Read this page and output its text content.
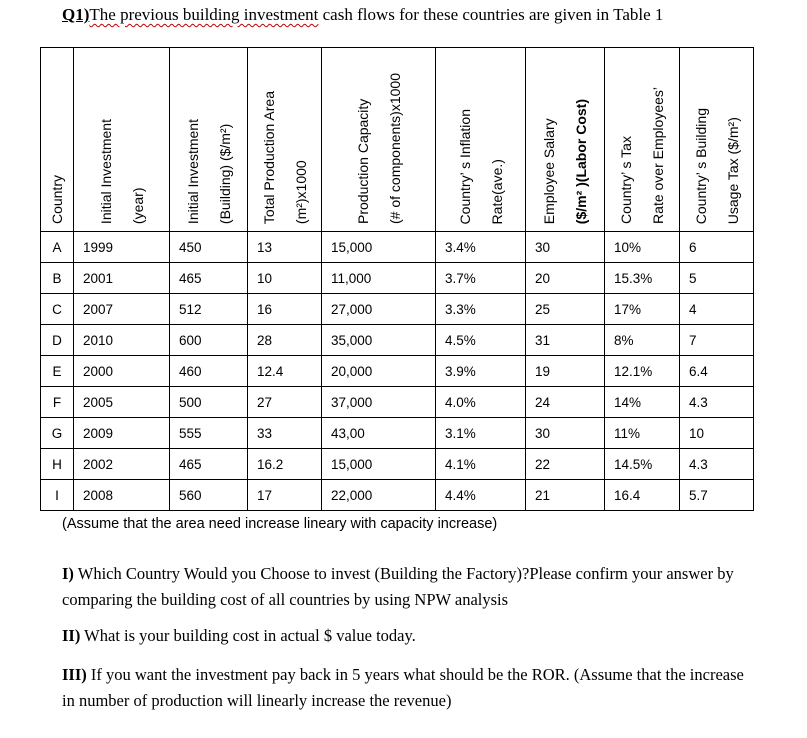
Q1)The previous building investment cash flows for these countries are given in Table 1
Country	Initial Investment (year)	Initial Investment (Building) ($/m²)	Total Production Area (m²)x1000	Production Capacity (# of components)x1000	Country’ s Inflation Rate(ave.)	Employee Salary ($/m² )(Labor Cost)	Country’ s Tax Rate over Employees’	Country’ s Building Usage Tax ($/m²)
A	1999	450	13	15,000	3.4%	30	10%	6
B	2001	465	10	11,000	3.7%	20	15.3%	5
C	2007	512	16	27,000	3.3%	25	17%	4
D	2010	600	28	35,000	4.5%	31	8%	7
E	2000	460	12.4	20,000	3.9%	19	12.1%	6.4
F	2005	500	27	37,000	4.0%	24	14%	4.3
G	2009	555	33	43,00	3.1%	30	11%	10
H	2002	465	16.2	15,000	4.1%	22	14.5%	4.3
I	2008	560	17	22,000	4.4%	21	16.4	5.7
(Assume that the area need increase lineary with capacity increase)
I) Which Country Would you Choose to invest (Building the Factory)?Please confirm your answer by comparing the building cost of all countries by using NPW analysis
II) What is your building cost in actual $ value today.
III) If you want the investment pay back in 5 years what should be the ROR. (Assume that the increase in number of production will linearly increase the revenue)
